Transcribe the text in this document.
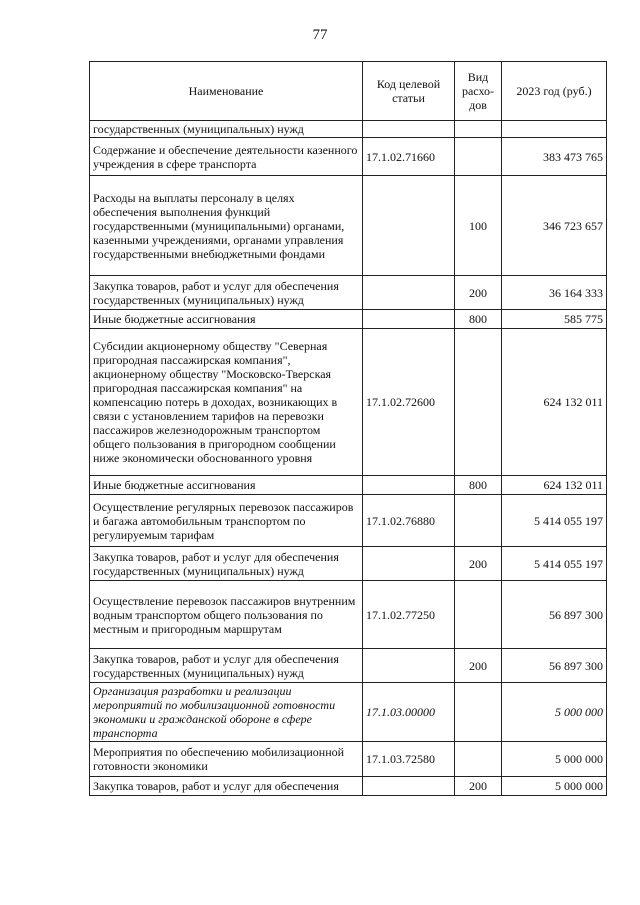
77
Наименование	Код целевой статьи	Вид расхо-дов	2023 год (руб.)
государственных (муниципальных) нужд			
Содержание и обеспечение деятельности казенного учреждения в сфере транспорта	17.1.02.71660		383 473 765
Расходы на выплаты персоналу в целях обеспечения выполнения функций государственными (муниципальными) органами, казенными учреждениями, органами управления государственными внебюджетными фондами		100	346 723 657
Закупка товаров, работ и услуг для обеспечения государственных (муниципальных) нужд		200	36 164 333
Иные бюджетные ассигнования		800	585 775
Субсидии акционерному обществу "Северная пригородная пассажирская компания", акционерному обществу "Московско-Тверская пригородная пассажирская компания" на компенсацию потерь в доходах, возникающих в связи с установлением тарифов на перевозки пассажиров железнодорожным транспортом общего пользования в пригородном сообщении ниже экономически обоснованного уровня	17.1.02.72600		624 132 011
Иные бюджетные ассигнования		800	624 132 011
Осуществление регулярных перевозок пассажиров и багажа автомобильным транспортом по регулируемым тарифам	17.1.02.76880		5 414 055 197
Закупка товаров, работ и услуг для обеспечения государственных (муниципальных) нужд		200	5 414 055 197
Осуществление перевозок пассажиров внутренним водным транспортом общего пользования по местным и пригородным маршрутам	17.1.02.77250		56 897 300
Закупка товаров, работ и услуг для обеспечения государственных (муниципальных) нужд		200	56 897 300
Организация разработки и реализации мероприятий по мобилизационной готовности экономики и гражданской обороне в сфере транспорта	17.1.03.00000		5 000 000
Мероприятия по обеспечению мобилизационной готовности экономики	17.1.03.72580		5 000 000
Закупка товаров, работ и услуг для обеспечения		200	5 000 000
